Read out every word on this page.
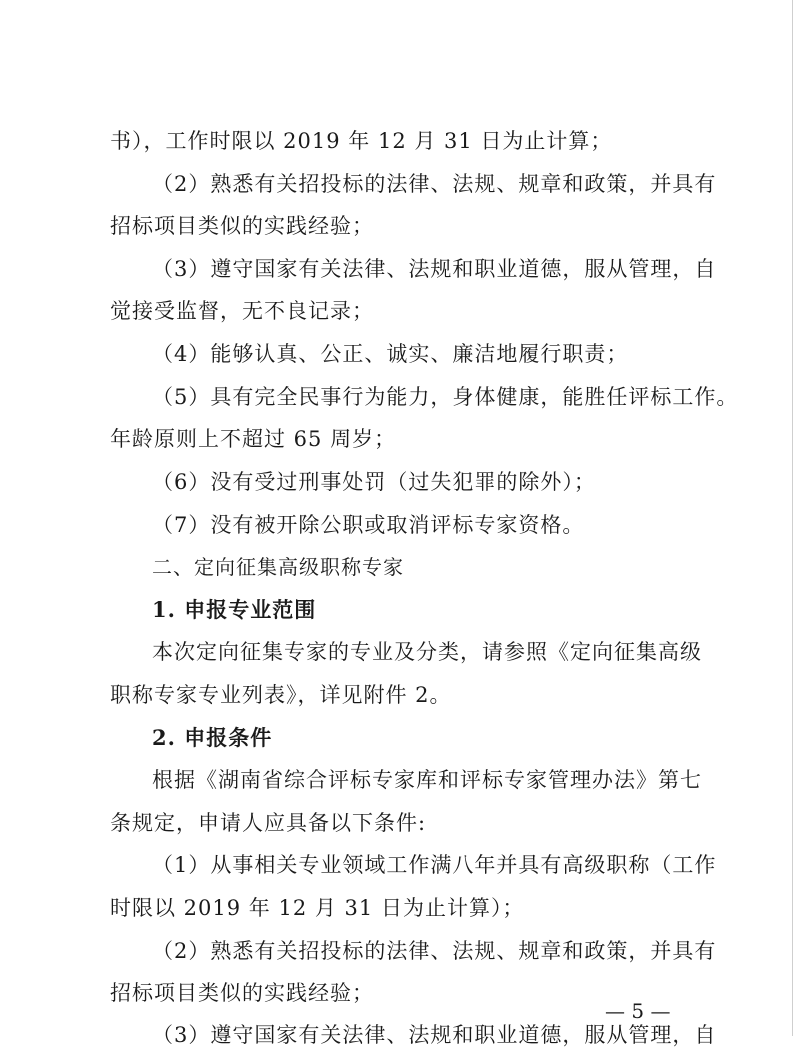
书），工作时限以 2019 年 12 月 31 日为止计算；
（2）熟悉有关招投标的法律、法规、规章和政策，并具有
招标项目类似的实践经验；
（3）遵守国家有关法律、法规和职业道德，服从管理，自
觉接受监督，无不良记录；
（4）能够认真、公正、诚实、廉洁地履行职责；
（5）具有完全民事行为能力，身体健康，能胜任评标工作。
年龄原则上不超过 65 周岁；
（6）没有受过刑事处罚（过失犯罪的除外）；
（7）没有被开除公职或取消评标专家资格。
二、定向征集高级职称专家
1. 申报专业范围
本次定向征集专家的专业及分类，请参照《定向征集高级
职称专家专业列表》，详见附件 2。
2. 申报条件
根据《湖南省综合评标专家库和评标专家管理办法》第七
条规定，申请人应具备以下条件:
（1）从事相关专业领域工作满八年并具有高级职称（工作
时限以 2019 年 12 月 31 日为止计算）；
（2）熟悉有关招投标的法律、法规、规章和政策，并具有
招标项目类似的实践经验；
（3）遵守国家有关法律、法规和职业道德，服从管理，自
— 5 —
